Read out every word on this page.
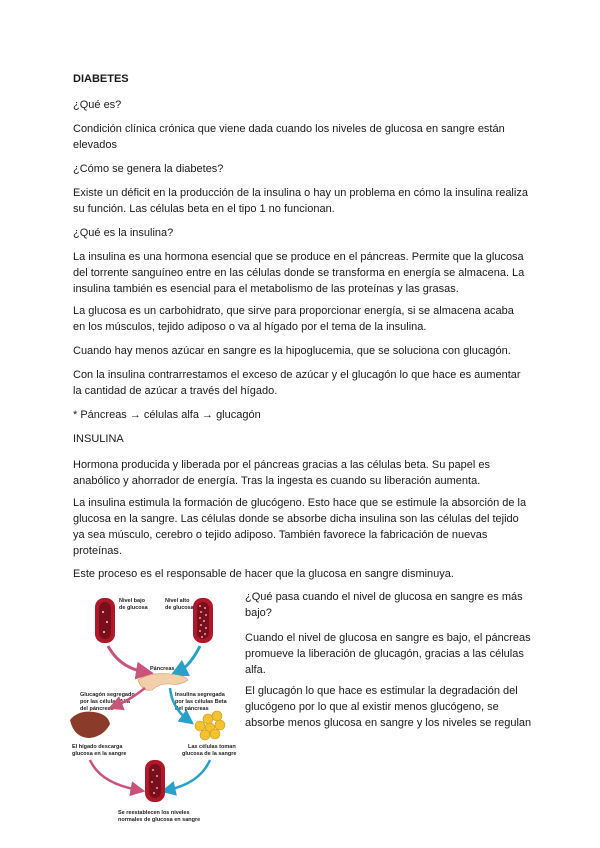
DIABETES

¿Qué es?

Condición clínica crónica que viene dada cuando los niveles de glucosa en sangre están elevados

¿Cómo se genera la diabetes?

Existe un déficit en la producción de la insulina o hay un problema en cómo la insulina realiza su función. Las células beta en el tipo 1 no funcionan.

¿Qué es la insulina?

La insulina es una hormona esencial que se produce en el páncreas. Permite que la glucosa del torrente sanguíneo entre en las células donde se transforma en energía se almacena. La insulina también es esencial para el metabolismo de las proteínas y las grasas.

La glucosa es un carbohidrato, que sirve para proporcionar energía, si se almacena acaba en los músculos, tejido adiposo o va al hígado por el tema de la insulina.

Cuando hay menos azúcar en sangre es la hipoglucemia, que se soluciona con glucagón.

Con la insulina contrarrestamos el exceso de azúcar y el glucagón lo que hace es aumentar la cantidad de azúcar a través del hígado.

* Páncreas → células alfa → glucagón

INSULINA

Hormona producida y liberada por el páncreas gracias a las células beta. Su papel es anabólico y ahorrador de energía. Tras la ingesta es cuando su liberación aumenta.

La insulina estimula la formación de glucógeno. Esto hace que se estimule la absorción de la glucosa en la sangre. Las células donde se absorbe dicha insulina son las células del tejido ya sea músculo, cerebro o tejido adiposo. También favorece la fabricación de nuevas proteínas.

Este proceso es el responsable de hacer que la glucosa en sangre disminuya.

¿Qué pasa cuando el nivel de glucosa en sangre es más bajo?

Cuando el nivel de glucosa en sangre es bajo, el páncreas promueve la liberación de glucagón, gracias a las células alfa.

El glucagón lo que hace es estimular la degradación del glucógeno por lo que al existir menos glucógeno, se absorbe menos glucosa en sangre y los niveles se regulan

Nivel bajo
de glucosa
Nivel alto
de glucosa
Páncreas
Glucagón segregado
por las células Alfa
del páncreas
Insulina segregada
por las células Beta
del páncreas
El hígado descarga
glucosa en la sangre
Las células toman
glucosa de la sangre
Se reestablecen los niveles
normales de glucosa en sangre
